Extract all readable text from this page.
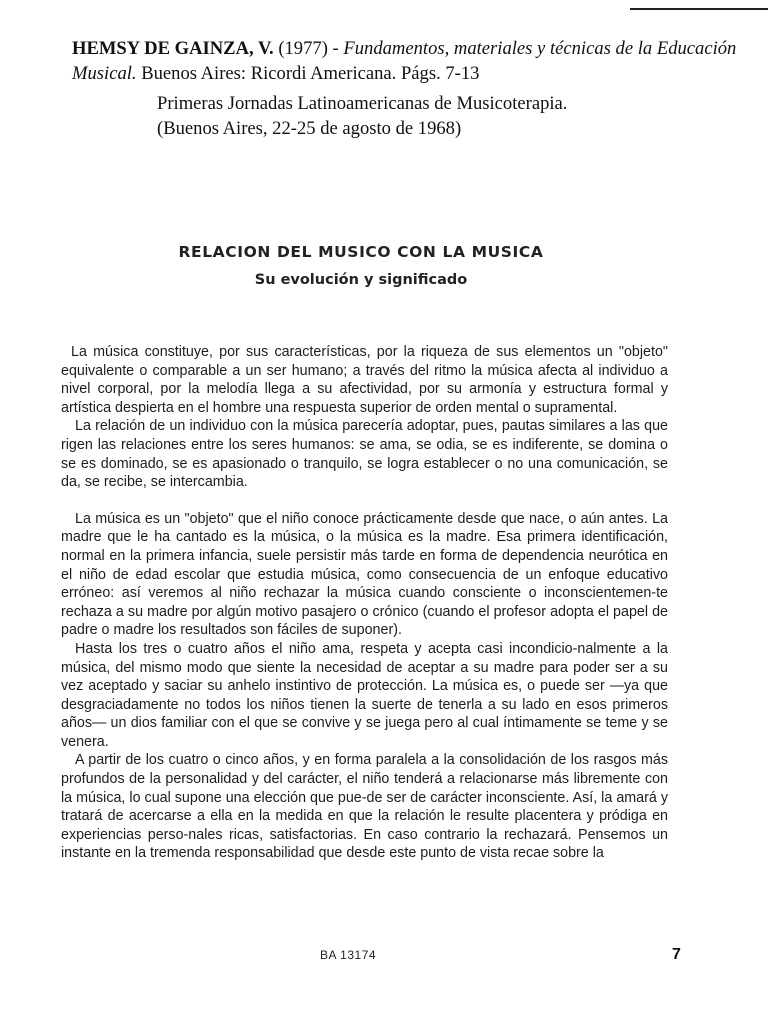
HEMSY DE GAINZA, V. (1977) - Fundamentos, materiales y técnicas de la Educación Musical. Buenos Aires: Ricordi Americana. Págs. 7-13
Primeras Jornadas Latinoamericanas de Musicoterapia.
(Buenos Aires, 22-25 de agosto de 1968)
RELACION DEL MUSICO CON LA MUSICA
Su evolución y significado

La música constituye, por sus características, por la riqueza de sus elementos un "objeto" equivalente o comparable a un ser humano; a través del ritmo la música afecta al individuo a nivel corporal, por la melodía llega a su afectividad, por su armonía y estructura formal y artística despierta en el hombre una respuesta superior de orden mental o supramental.

La relación de un individuo con la música parecería adoptar, pues, pautas similares a las que rigen las relaciones entre los seres humanos: se ama, se odia, se es indiferente, se domina o se es dominado, se es apasionado o tranquilo, se logra establecer o no una comunicación, se da, se recibe, se intercambia.

La música es un "objeto" que el niño conoce prácticamente desde que nace, o aún antes. La madre que le ha cantado es la música, o la música es la madre. Esa primera identificación, normal en la primera infancia, suele persistir más tarde en forma de dependencia neurótica en el niño de edad escolar que estudia música, como consecuencia de un enfoque educativo erróneo: así veremos al niño rechazar la música cuando consciente o inconscientemen-te rechaza a su madre por algún motivo pasajero o crónico (cuando el profesor adopta el papel de padre o madre los resultados son fáciles de suponer).

Hasta los tres o cuatro años el niño ama, respeta y acepta casi incondicio-nalmente a la música, del mismo modo que siente la necesidad de aceptar a su madre para poder ser a su vez aceptado y saciar su anhelo instintivo de protección. La música es, o puede ser —ya que desgraciadamente no todos los niños tienen la suerte de tenerla a su lado en esos primeros años— un dios familiar con el que se convive y se juega pero al cual íntimamente se teme y se venera.

A partir de los cuatro o cinco años, y en forma paralela a la consolidación de los rasgos más profundos de la personalidad y del carácter, el niño tenderá a relacionarse más libremente con la música, lo cual supone una elección que pue-de ser de carácter inconsciente. Así, la amará y tratará de acercarse a ella en la medida en que la relación le resulte placentera y pródiga en experiencias perso-nales ricas, satisfactorias. En caso contrario la rechazará. Pensemos un instante en la tremenda responsabilidad que desde este punto de vista recae sobre la

BA 13174	7
